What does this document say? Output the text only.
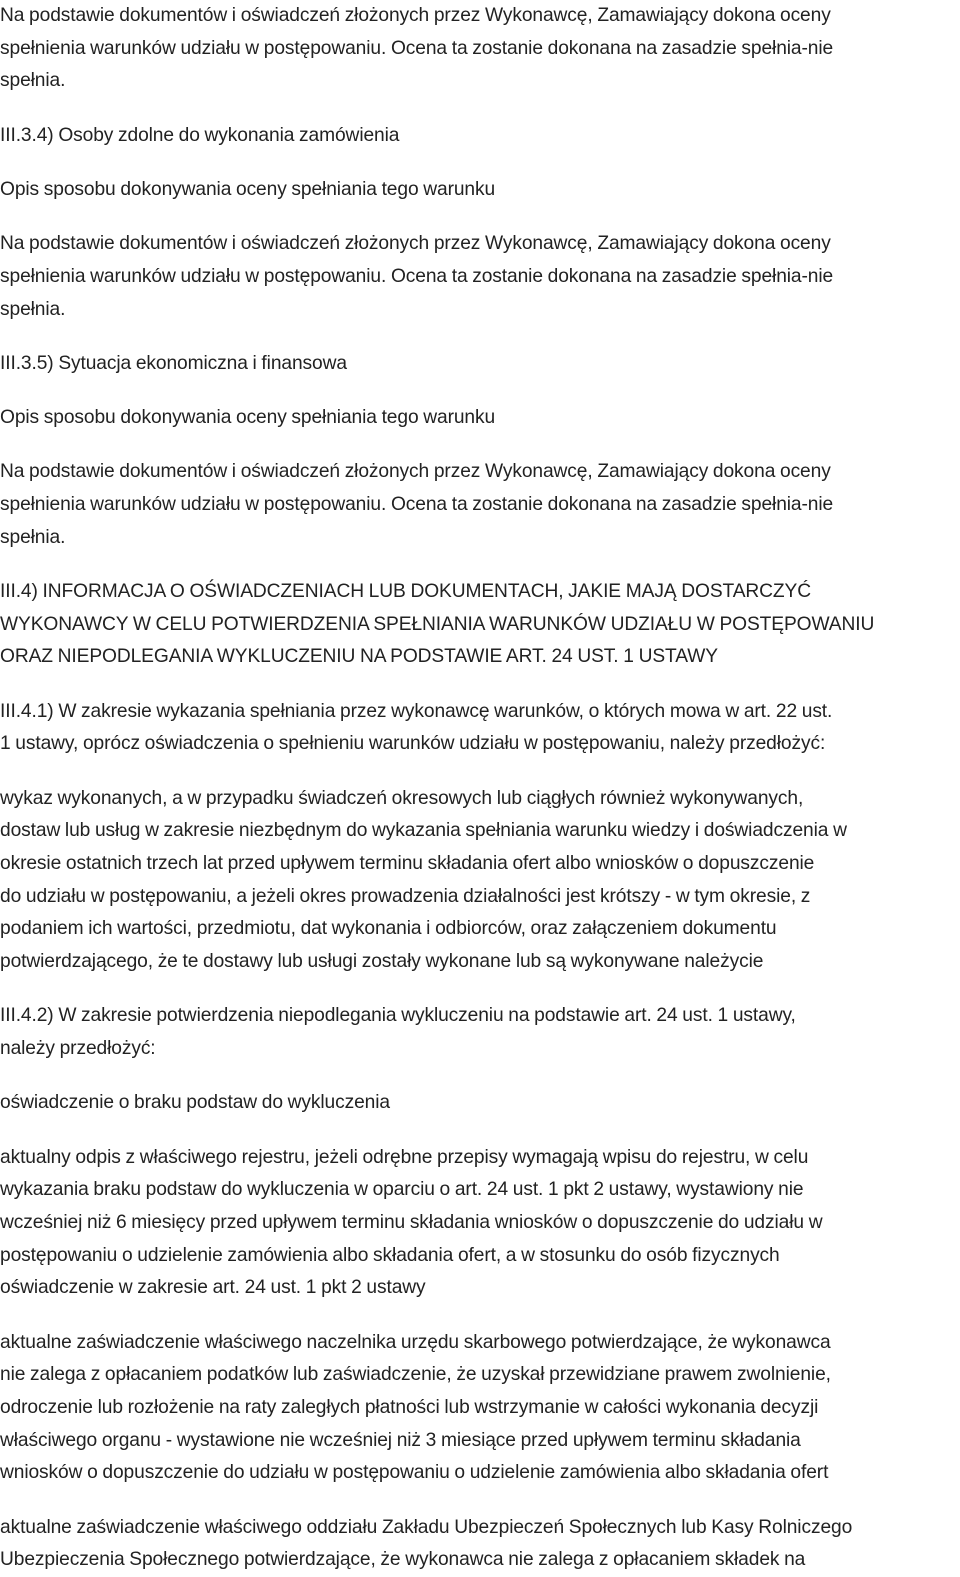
Na podstawie dokumentów i oświadczeń złożonych przez Wykonawcę, Zamawiający dokona oceny
spełnienia warunków udziału w postępowaniu. Ocena ta zostanie dokonana na zasadzie spełnia-nie
spełnia.
III.3.4) Osoby zdolne do wykonania zamówienia
Opis sposobu dokonywania oceny spełniania tego warunku
Na podstawie dokumentów i oświadczeń złożonych przez Wykonawcę, Zamawiający dokona oceny
spełnienia warunków udziału w postępowaniu. Ocena ta zostanie dokonana na zasadzie spełnia-nie
spełnia.
III.3.5) Sytuacja ekonomiczna i finansowa
Opis sposobu dokonywania oceny spełniania tego warunku
Na podstawie dokumentów i oświadczeń złożonych przez Wykonawcę, Zamawiający dokona oceny
spełnienia warunków udziału w postępowaniu. Ocena ta zostanie dokonana na zasadzie spełnia-nie
spełnia.
III.4) INFORMACJA O OŚWIADCZENIACH LUB DOKUMENTACH, JAKIE MAJĄ DOSTARCZYĆ
WYKONAWCY W CELU POTWIERDZENIA SPEŁNIANIA WARUNKÓW UDZIAŁU W POSTĘPOWANIU
ORAZ NIEPODLEGANIA WYKLUCZENIU NA PODSTAWIE ART. 24 UST. 1 USTAWY
III.4.1) W zakresie wykazania spełniania przez wykonawcę warunków, o których mowa w art. 22 ust.
1 ustawy, oprócz oświadczenia o spełnieniu warunków udziału w postępowaniu, należy przedłożyć:
wykaz wykonanych, a w przypadku świadczeń okresowych lub ciągłych również wykonywanych,
dostaw lub usług w zakresie niezbędnym do wykazania spełniania warunku wiedzy i doświadczenia w
okresie ostatnich trzech lat przed upływem terminu składania ofert albo wniosków o dopuszczenie
do udziału w postępowaniu, a jeżeli okres prowadzenia działalności jest krótszy - w tym okresie, z
podaniem ich wartości, przedmiotu, dat wykonania i odbiorców, oraz załączeniem dokumentu
potwierdzającego, że te dostawy lub usługi zostały wykonane lub są wykonywane należycie
III.4.2) W zakresie potwierdzenia niepodlegania wykluczeniu na podstawie art. 24 ust. 1 ustawy,
należy przedłożyć:
oświadczenie o braku podstaw do wykluczenia
aktualny odpis z właściwego rejestru, jeżeli odrębne przepisy wymagają wpisu do rejestru, w celu
wykazania braku podstaw do wykluczenia w oparciu o art. 24 ust. 1 pkt 2 ustawy, wystawiony nie
wcześniej niż 6 miesięcy przed upływem terminu składania wniosków o dopuszczenie do udziału w
postępowaniu o udzielenie zamówienia albo składania ofert, a w stosunku do osób fizycznych
oświadczenie w zakresie art. 24 ust. 1 pkt 2 ustawy
aktualne zaświadczenie właściwego naczelnika urzędu skarbowego potwierdzające, że wykonawca
nie zalega z opłacaniem podatków lub zaświadczenie, że uzyskał przewidziane prawem zwolnienie,
odroczenie lub rozłożenie na raty zaległych płatności lub wstrzymanie w całości wykonania decyzji
właściwego organu - wystawione nie wcześniej niż 3 miesiące przed upływem terminu składania
wniosków o dopuszczenie do udziału w postępowaniu o udzielenie zamówienia albo składania ofert
aktualne zaświadczenie właściwego oddziału Zakładu Ubezpieczeń Społecznych lub Kasy Rolniczego
Ubezpieczenia Społecznego potwierdzające, że wykonawca nie zalega z opłacaniem składek na
